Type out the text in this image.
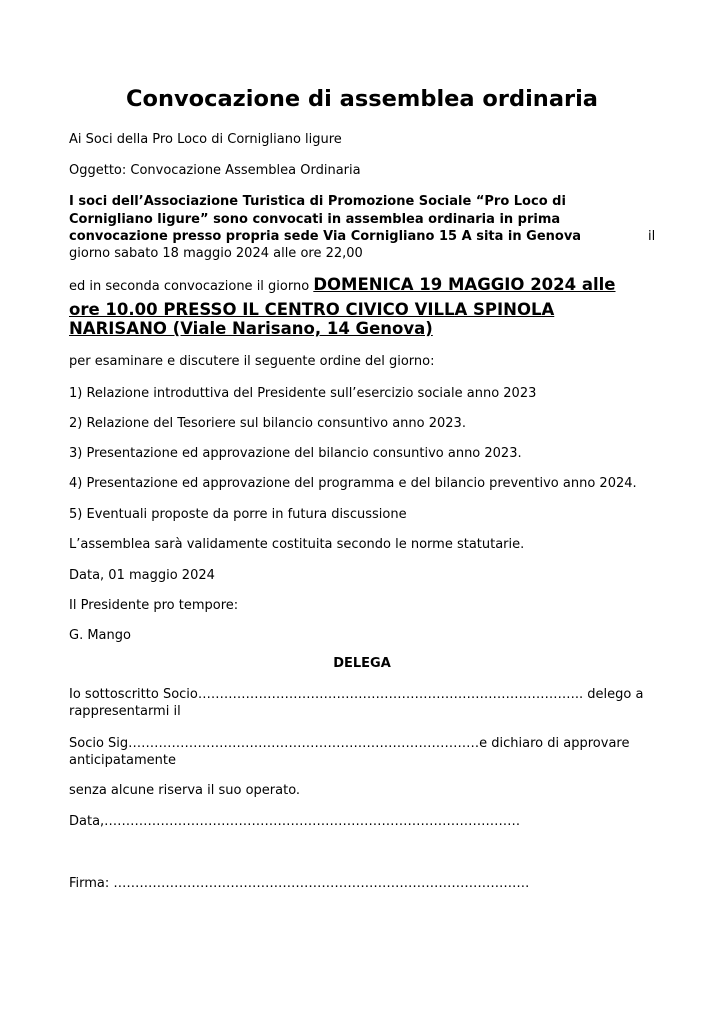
Convocazione di assemblea ordinaria
Ai Soci della Pro Loco di Cornigliano ligure
Oggetto: Convocazione Assemblea Ordinaria
I soci dell’Associazione Turistica di Promozione Sociale “Pro Loco di
Cornigliano ligure” sono convocati in assemblea ordinaria in prima
convocazione presso propria sede Via Cornigliano 15 A sita in Genova	il
giorno sabato 18 maggio 2024 alle ore 22,00
ed in seconda convocazione il giorno DOMENICA 19 MAGGIO 2024 alle
ore 10.00 PRESSO IL CENTRO CIVICO VILLA SPINOLA
NARISANO (Viale Narisano, 14 Genova)
per esaminare e discutere il seguente ordine del giorno:
1) Relazione introduttiva del Presidente sull’esercizio sociale anno 2023
2) Relazione del Tesoriere sul bilancio consuntivo anno 2023.
3) Presentazione ed approvazione del bilancio consuntivo anno 2023.
4) Presentazione ed approvazione del programma e del bilancio preventivo anno 2024.
5) Eventuali proposte da porre in futura discussione
L’assemblea sarà validamente costituita secondo le norme statutarie.
Data, 01 maggio 2024
Il Presidente pro tempore:
G. Mango
DELEGA
Io sottoscritto Socio…………………………………………………………………………….. delego a
rappresentarmi il
Socio Sig………………………………………………………………………e dichiaro di approvare
anticipatamente
senza alcune riserva il suo operato.
Data,……………………………………………………………………………………
Firma: ……………………………………………………………………………………
